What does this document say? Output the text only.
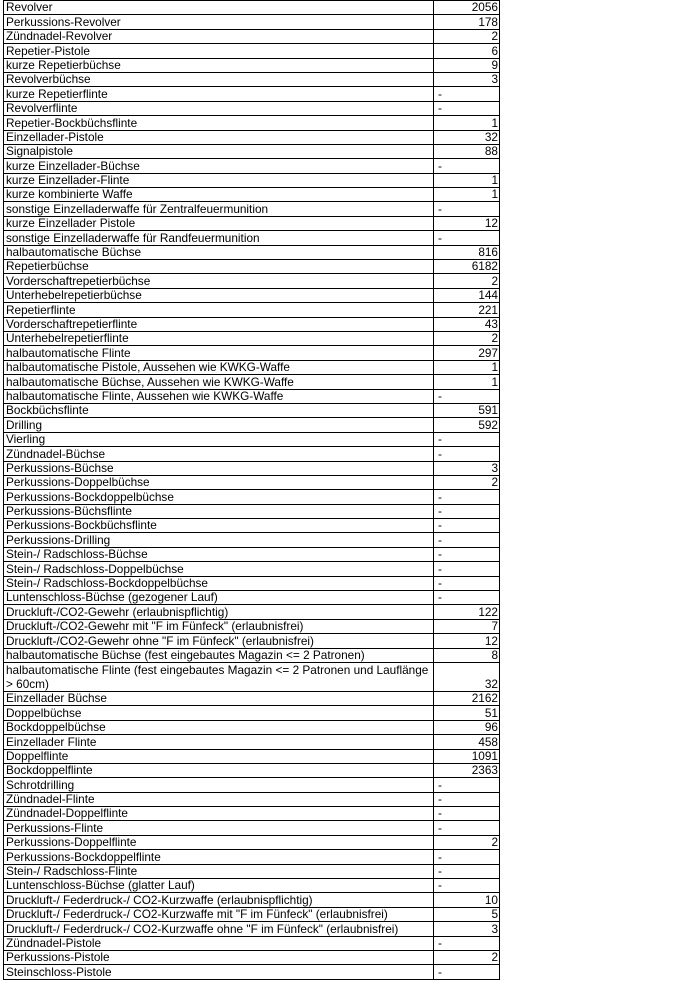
Revolver	2056
Perkussions-Revolver	178
Zündnadel-Revolver	2
Repetier-Pistole	6
kurze Repetierbüchse	9
Revolverbüchse	3
kurze Repetierflinte	-
Revolverflinte	-
Repetier-Bockbüchsflinte	1
Einzellader-Pistole	32
Signalpistole	88
kurze Einzellader-Büchse	-
kurze Einzellader-Flinte	1
kurze kombinierte Waffe	1
sonstige Einzelladerwaffe für Zentralfeuermunition	-
kurze Einzellader Pistole	12
sonstige Einzelladerwaffe für Randfeuermunition	-
halbautomatische Büchse	816
Repetierbüchse	6182
Vorderschaftrepetierbüchse	2
Unterhebelrepetierbüchse	144
Repetierflinte	221
Vorderschaftrepetierflinte	43
Unterhebelrepetierflinte	2
halbautomatische Flinte	297
halbautomatische Pistole, Aussehen wie KWKG-Waffe	1
halbautomatische Büchse, Aussehen wie KWKG-Waffe	1
halbautomatische Flinte, Aussehen wie KWKG-Waffe	-
Bockbüchsflinte	591
Drilling	592
Vierling	-
Zündnadel-Büchse	-
Perkussions-Büchse	3
Perkussions-Doppelbüchse	2
Perkussions-Bockdoppelbüchse	-
Perkussions-Büchsflinte	-
Perkussions-Bockbüchsflinte	-
Perkussions-Drilling	-
Stein-/ Radschloss-Büchse	-
Stein-/ Radschloss-Doppelbüchse	-
Stein-/ Radschloss-Bockdoppelbüchse	-
Luntenschloss-Büchse (gezogener Lauf)	-
Druckluft-/CO2-Gewehr (erlaubnispflichtig)	122
Druckluft-/CO2-Gewehr mit "F im Fünfeck" (erlaubnisfrei)	7
Druckluft-/CO2-Gewehr ohne "F im Fünfeck" (erlaubnisfrei)	12
halbautomatische Büchse (fest eingebautes Magazin <= 2 Patronen)	8
halbautomatische Flinte (fest eingebautes Magazin <= 2 Patronen und Lauflänge > 60cm)	32
Einzellader Büchse	2162
Doppelbüchse	51
Bockdoppelbüchse	96
Einzellader Flinte	458
Doppelflinte	1091
Bockdoppelflinte	2363
Schrotdrilling	-
Zündnadel-Flinte	-
Zündnadel-Doppelflinte	-
Perkussions-Flinte	-
Perkussions-Doppelflinte	2
Perkussions-Bockdoppelflinte	-
Stein-/ Radschloss-Flinte	-
Luntenschloss-Büchse (glatter Lauf)	-
Druckluft-/ Federdruck-/ CO2-Kurzwaffe (erlaubnispflichtig)	10
Druckluft-/ Federdruck-/ CO2-Kurzwaffe mit "F im Fünfeck" (erlaubnisfrei)	5
Druckluft-/ Federdruck-/ CO2-Kurzwaffe ohne "F im Fünfeck" (erlaubnisfrei)	3
Zündnadel-Pistole	-
Perkussions-Pistole	2
Steinschloss-Pistole	-
